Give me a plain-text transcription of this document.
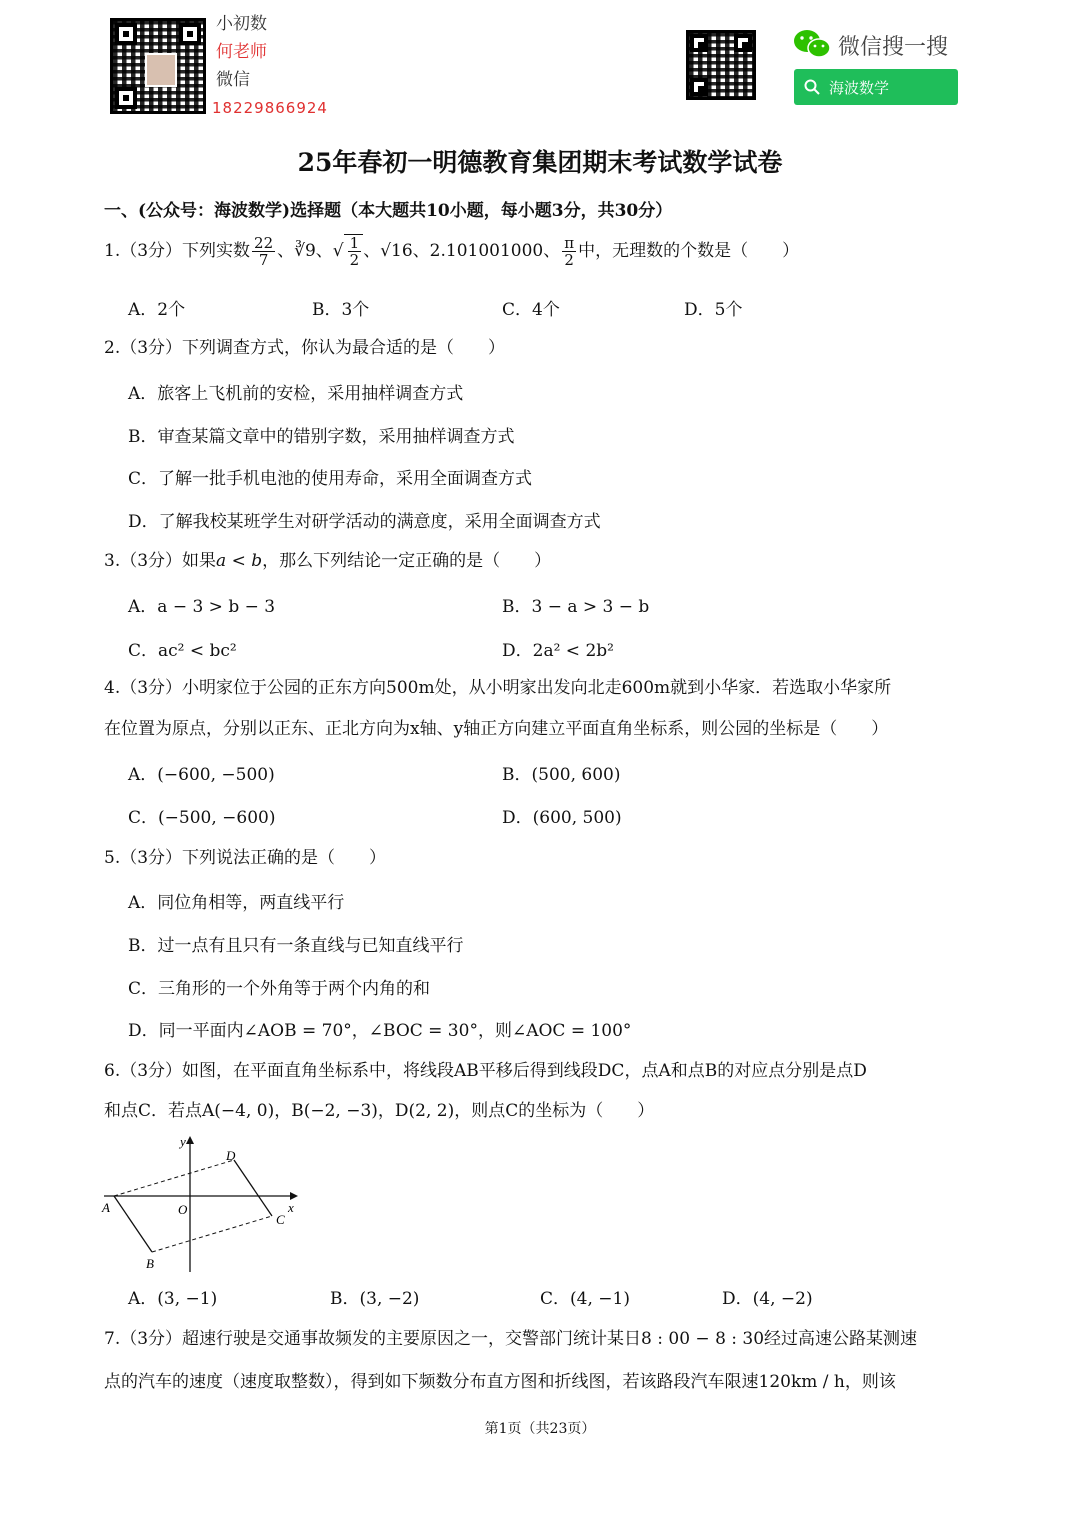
小初数
何老师
微信
18229866924
微信搜一搜
海波数学
25年春初一明德教育集团期末考试数学试卷
一、(公众号：海波数学)选择题（本大题共10小题，每小题3分，共30分）
1.（3分）下列实数 $\frac{22}{7}$ 、∛9、√ $\frac{1}{2}$ 、√16、2.101001000、 $\frac{\pi}{2}$ 中，无理数的个数是（　　）
A．2个	B．3个	C．4个	D．5个
2.（3分）下列调查方式，你认为最合适的是（　　）
A．旅客上飞机前的安检，采用抽样调查方式
B．审查某篇文章中的错别字数，采用抽样调查方式
C．了解一批手机电池的使用寿命，采用全面调查方式
D．了解我校某班学生对研学活动的满意度，采用全面调查方式
3.（3分）如果a < b，那么下列结论一定正确的是（　　）
A．a − 3 > b − 3	B．3 − a > 3 − b
C．ac² < bc²	D．2a² < 2b²
4.（3分）小明家位于公园的正东方向500m处，从小明家出发向北走600m就到小华家．若选取小华家所
在位置为原点，分别以正东、正北方向为x轴、y轴正方向建立平面直角坐标系，则公园的坐标是（　　）
A．(−600, −500)	B．(500, 600)
C．(−500, −600)	D．(600, 500)
5.（3分）下列说法正确的是（　　）
A．同位角相等，两直线平行
B．过一点有且只有一条直线与已知直线平行
C．三角形的一个外角等于两个内角的和
D．同一平面内∠AOB = 70°，∠BOC = 30°，则∠AOC = 100°
6.（3分）如图，在平面直角坐标系中，将线段AB平移后得到线段DC，点A和点B的对应点分别是点D
和点C．若点A(−4, 0)，B(−2, −3)，D(2, 2)，则点C的坐标为（　　）
y
x
O
A
B
C
D
A．(3, −1)	B．(3, −2)	C．(4, −1)	D．(4, −2)
7.（3分）超速行驶是交通事故频发的主要原因之一，交警部门统计某日8 : 00 − 8 : 30经过高速公路某测速
点的汽车的速度（速度取整数），得到如下频数分布直方图和折线图，若该路段汽车限速120km / h，则该
第1页（共23页）
